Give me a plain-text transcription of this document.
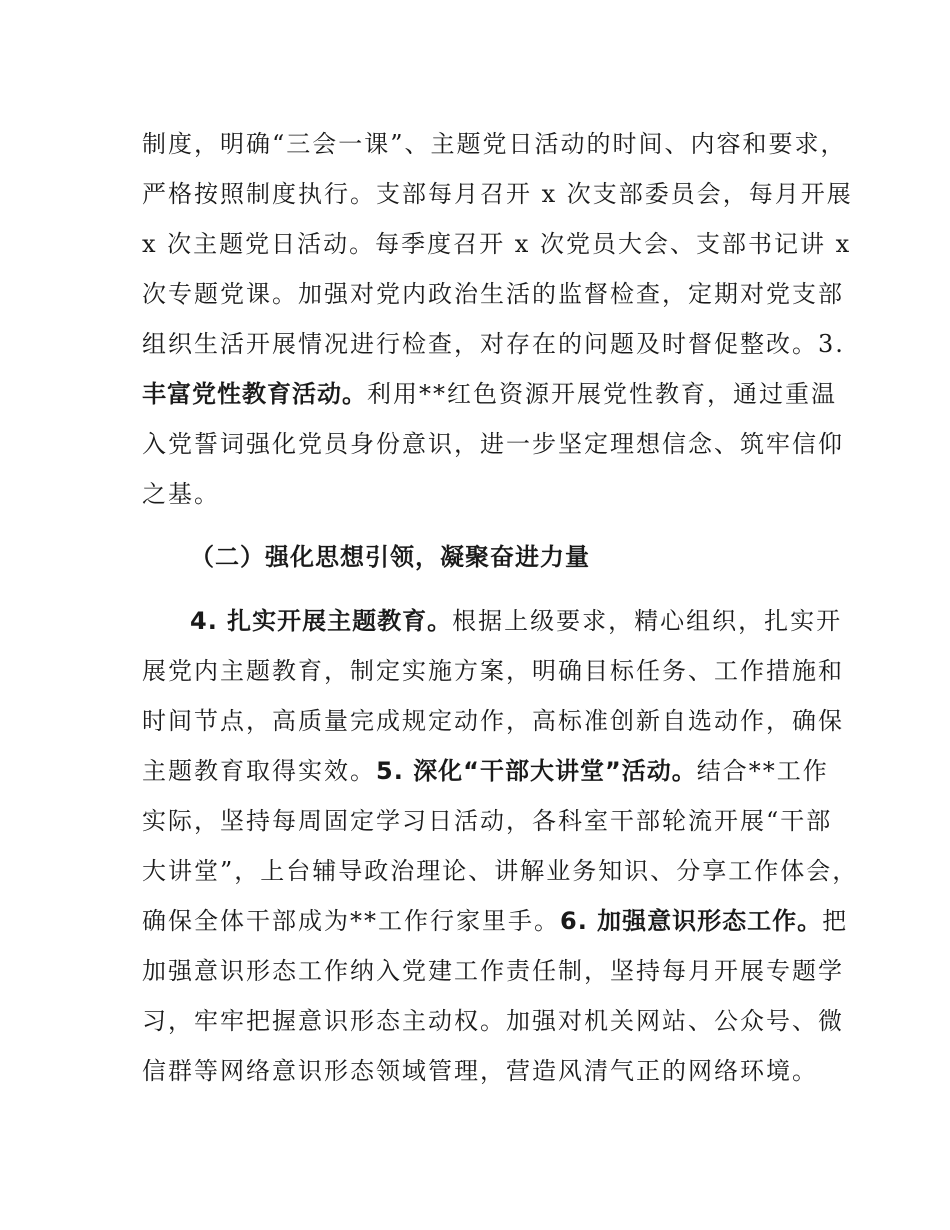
制度，明确“三会一课”、主题党日活动的时间、内容和要求，
严格按照制度执行。支部每月召开 x 次支部委员会，每月开展
x 次主题党日活动。每季度召开 x 次党员大会、支部书记讲 x
次专题党课。加强对党内政治生活的监督检查，定期对党支部
组织生活开展情况进行检查，对存在的问题及时督促整改。3.
丰富党性教育活动。利用**红色资源开展党性教育，通过重温
入党誓词强化党员身份意识，进一步坚定理想信念、筑牢信仰
之基。
（二）强化思想引领，凝聚奋进力量
4. 扎实开展主题教育。根据上级要求，精心组织，扎实开
展党内主题教育，制定实施方案，明确目标任务、工作措施和
时间节点，高质量完成规定动作，高标准创新自选动作，确保
主题教育取得实效。5. 深化“干部大讲堂”活动。结合**工作
实际，坚持每周固定学习日活动，各科室干部轮流开展“干部
大讲堂”，上台辅导政治理论、讲解业务知识、分享工作体会，
确保全体干部成为**工作行家里手。6. 加强意识形态工作。把
加强意识形态工作纳入党建工作责任制，坚持每月开展专题学
习，牢牢把握意识形态主动权。加强对机关网站、公众号、微
信群等网络意识形态领域管理，营造风清气正的网络环境。
